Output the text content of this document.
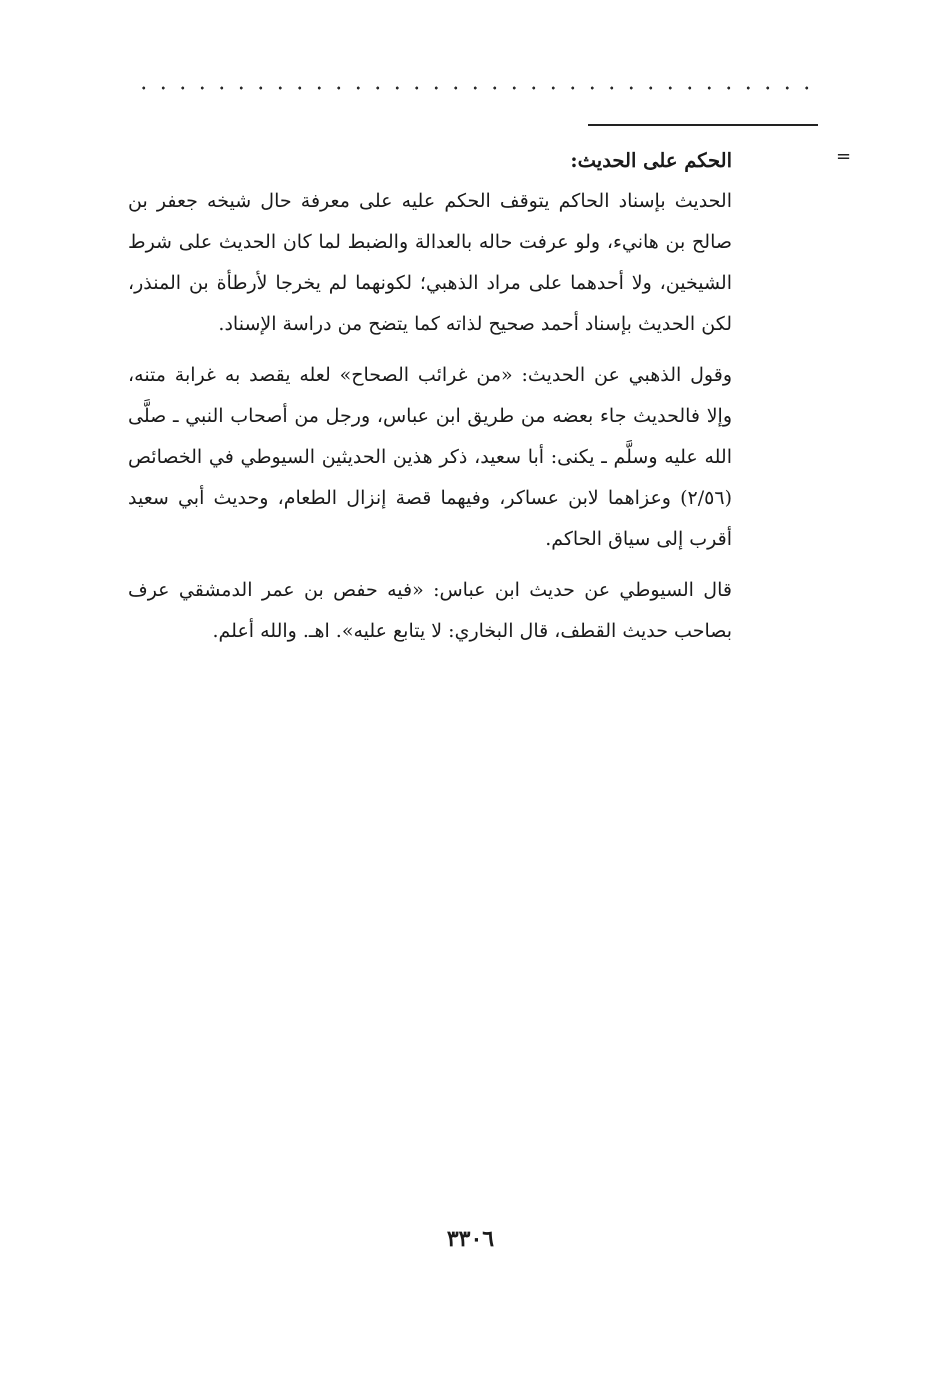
=

الحكم على الحديث:

الحديث بإسناد الحاكم يتوقف الحكم عليه على معرفة حال شيخه جعفر بن صالح بن هانيء، ولو عرفت حاله بالعدالة والضبط لما كان الحديث على شرط الشيخين، ولا أحدهما على مراد الذهبي؛ لكونهما لم يخرجا لأرطأة بن المنذر، لكن الحديث بإسناد أحمد صحيح لذاته كما يتضح من دراسة الإسناد.

وقول الذهبي عن الحديث: «من غرائب الصحاح» لعله يقصد به غرابة متنه، وإلا فالحديث جاء بعضه من طريق ابن عباس، ورجل من أصحاب النبي ـ صلَّى الله عليه وسلَّم ـ يكنى: أبا سعيد، ذكر هذين الحديثين السيوطي في الخصائص (٢/٥٦) وعزاهما لابن عساكر، وفيهما قصة إنزال الطعام، وحديث أبي سعيد أقرب إلى سياق الحاكم.

قال السيوطي عن حديث ابن عباس: «فيه حفص بن عمر الدمشقي عرف بصاحب حديث القطف، قال البخاري: لا يتابع عليه». اهـ. والله أعلم.

٣٣٠٦
